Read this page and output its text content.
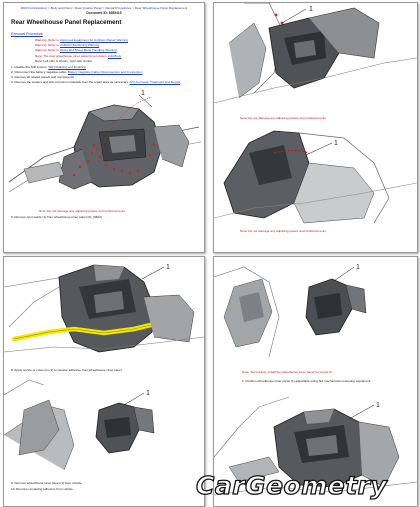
2020 Ford Explorer > Body and Paint > Rear Quarter Panel > Repair Procedures > Rear Wheelhouse Panel Replacement
Document ID: 8355415
Rear Wheelhouse Panel Replacement
Removal Procedure
Warning: Refer to Approved Equipment for Collision Repair Warning
Warning: Refer to Collision Sectioning Warning
Warning: Refer to Glass and Sheet Metal Handling Warning
Note: The rear wheelhouse inner panel is not shown. Add Body
Note: Left side is shown, right side similar.
1. Disable the SIR system. SIR Disabling and Enabling
2. Disconnect the battery negative cable. Battery Negative Cable Disconnection and Connection
3. Remove all related panels and components.
4. Remove the sealers and anti-corrosion materials from the repair area as necessary. Anti-Corrosion Treatment and Repair
1
Note: Do not damage any adjoining panels and reinforcements.
5. Remove spot welds (1) from wheelhouse inner panel (2), [3824]
1
Note: Do not damage any adjoining panels and reinforcements.
1
Note: Do not damage any adjoining panels and reinforcements.
1
8. Apply nozzle or cross pin (1) to release adhesive from wheelhouse inner panel.
1
9. Remove wheelhouse inner panel (1) from vehicle.
10. Remove remaining adhesive from vehicle.
1
Note: Temporarily, install the wheelhouse inner panel for proper fit.
1. Position wheelhouse inner panel (1) adjustable using 3rd mechanical measuring equipment.
1
CarGeometry
